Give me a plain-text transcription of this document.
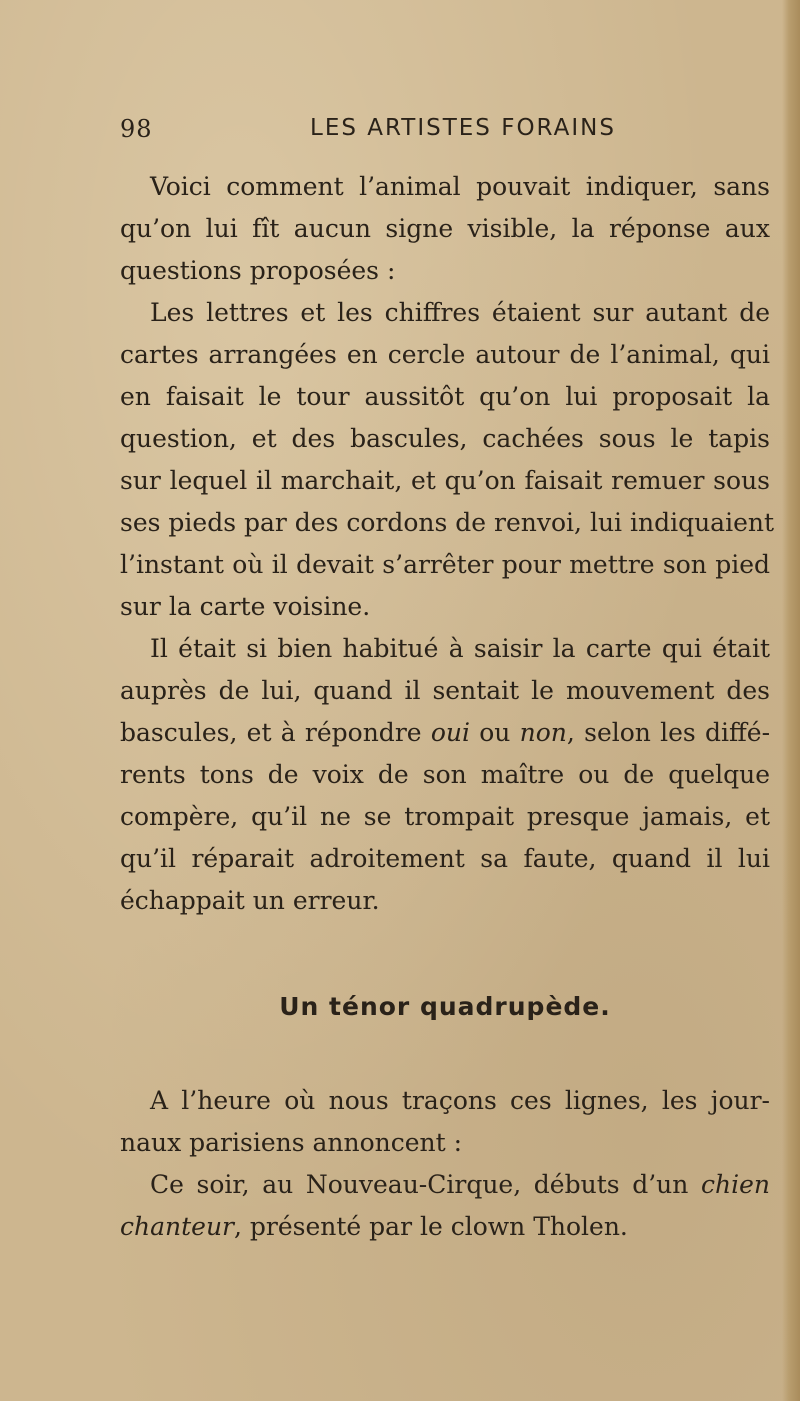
98	LES ARTISTES FORAINS

Voici comment l’animal pouvait indiquer, sans
qu’on lui fît aucun signe visible, la réponse aux
questions proposées :

Les lettres et les chiffres étaient sur autant de
cartes arrangées en cercle autour de l’animal, qui
en faisait le tour aussitôt qu’on lui proposait la
question, et des bascules, cachées sous le tapis
sur lequel il marchait, et qu’on faisait remuer sous
ses pieds par des cordons de renvoi, lui indiquaient
l’instant où il devait s’arrêter pour mettre son pied
sur la carte voisine.

Il était si bien habitué à saisir la carte qui était
auprès de lui, quand il sentait le mouvement des
bascules, et à répondre oui ou non, selon les diffé-
rents tons de voix de son maître ou de quelque
compère, qu’il ne se trompait presque jamais, et
qu’il réparait adroitement sa faute, quand il lui
échappait un erreur.

Un ténor quadrupède.

A l’heure où nous traçons ces lignes, les jour-
naux parisiens annoncent :

Ce soir, au Nouveau-Cirque, débuts d’un chien
chanteur, présenté par le clown Tholen.
